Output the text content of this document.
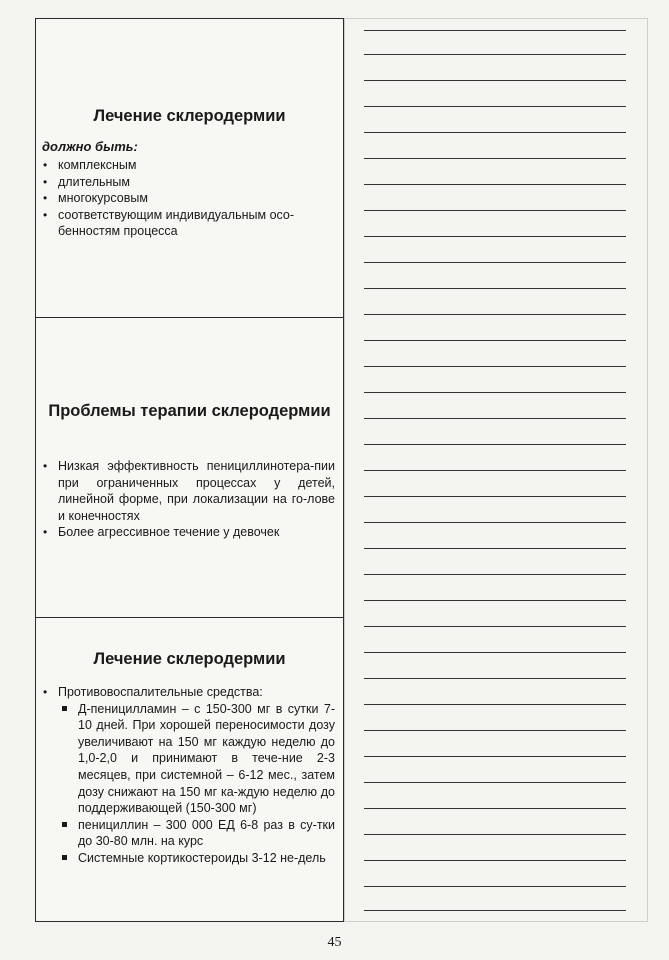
Лечение склеродермии
должно быть:
• комплексным
• длительным
• многокурсовым
• соответствующим индивидуальным осо-бенностям процесса
Проблемы терапии склеродермии
• Низкая эффективность пенициллинотера-пии при ограниченных процессах у детей, линейной форме, при локализации на го-лове и конечностях
• Более агрессивное течение у девочек
Лечение склеродермии
• Противовоспалительные средства:
Д-пеницилламин – с 150-300 мг в сутки 7-10 дней. При хорошей переносимости дозу увеличивают на 150 мг каждую неделю до 1,0-2,0 и принимают в тече-ние 2-3 месяцев, при системной – 6-12 мес., затем дозу снижают на 150 мг ка-ждую неделю до поддерживающей (150-300 мг)
пенициллин – 300 000 ЕД 6-8 раз в су-тки до 30-80 млн. на курс
Системные кортикостероиды 3-12 не-дель
45
